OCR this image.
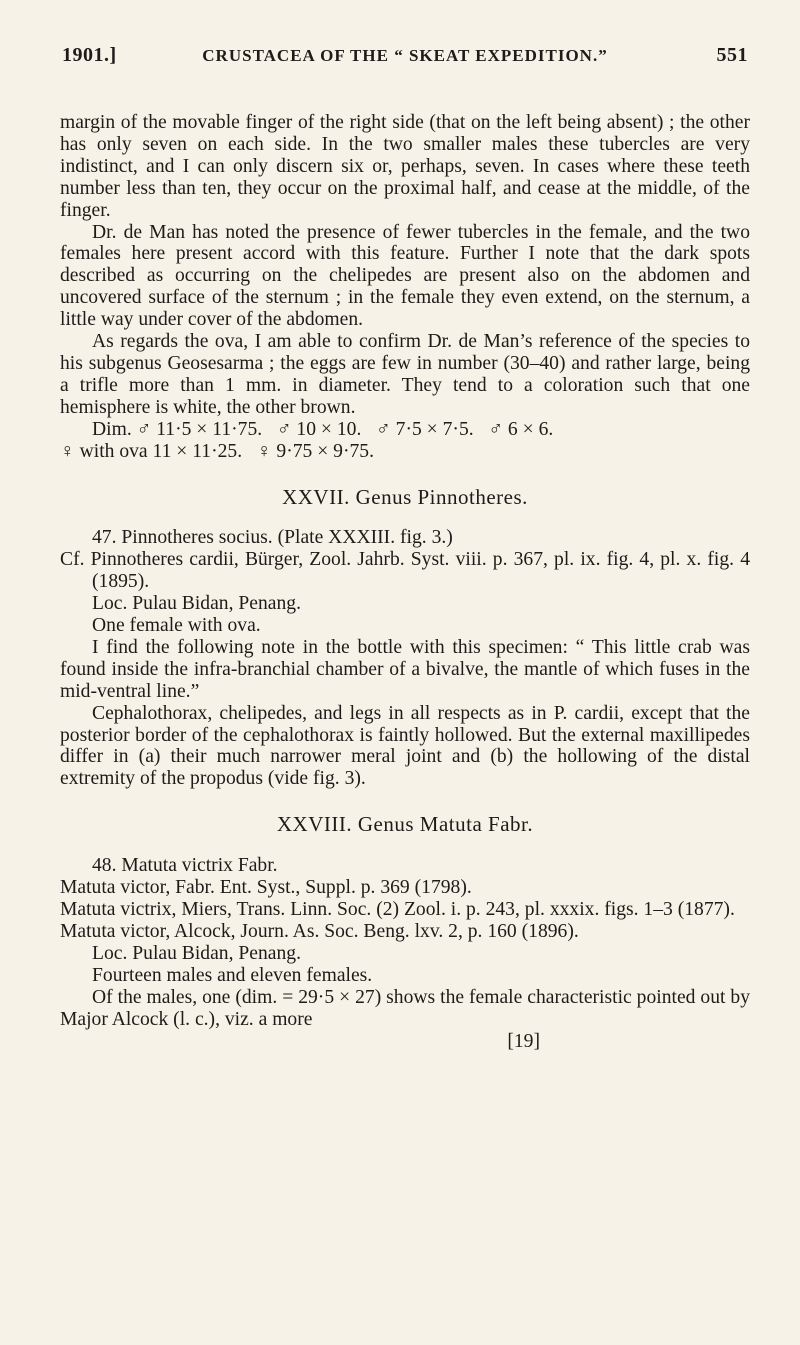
1901.]	CRUSTACEA OF THE “ SKEAT EXPEDITION.”	551

margin of the movable finger of the right side (that on the left being absent) ; the other has only seven on each side. In the two smaller males these tubercles are very indistinct, and I can only discern six or, perhaps, seven. In cases where these teeth number less than ten, they occur on the proximal half, and cease at the middle, of the finger.

Dr. de Man has noted the presence of fewer tubercles in the female, and the two females here present accord with this feature. Further I note that the dark spots described as occurring on the chelipedes are present also on the abdomen and uncovered surface of the sternum ; in the female they even extend, on the sternum, a little way under cover of the abdomen.

As regards the ova, I am able to confirm Dr. de Man’s reference of the species to his subgenus Geosesarma ; the eggs are few in number (30–40) and rather large, being a trifle more than 1 mm. in diameter. They tend to a coloration such that one hemisphere is white, the other brown.

Dim. ♂ 11·5 × 11·75.   ♂ 10 × 10.   ♂ 7·5 × 7·5.   ♂ 6 × 6.

♀ with ova 11 × 11·25.   ♀ 9·75 × 9·75.

XXVII. Genus Pinnotheres.

47. Pinnotheres socius. (Plate XXXIII. fig. 3.)

Cf. Pinnotheres cardii, Bürger, Zool. Jahrb. Syst. viii. p. 367, pl. ix. fig. 4, pl. x. fig. 4 (1895).

Loc. Pulau Bidan, Penang.

One female with ova.

I find the following note in the bottle with this specimen: “ This little crab was found inside the infra-branchial chamber of a bivalve, the mantle of which fuses in the mid-ventral line.”

Cephalothorax, chelipedes, and legs in all respects as in P. cardii, except that the posterior border of the cephalothorax is faintly hollowed. But the external maxillipedes differ in (a) their much narrower meral joint and (b) the hollowing of the distal extremity of the propodus (vide fig. 3).

XXVIII. Genus Matuta Fabr.

48. Matuta victrix Fabr.

Matuta victor, Fabr. Ent. Syst., Suppl. p. 369 (1798).

Matuta victrix, Miers, Trans. Linn. Soc. (2) Zool. i. p. 243, pl. xxxix. figs. 1–3 (1877).

Matuta victor, Alcock, Journ. As. Soc. Beng. lxv. 2, p. 160 (1896).

Loc. Pulau Bidan, Penang.

Fourteen males and eleven females.

Of the males, one (dim. = 29·5 × 27) shows the female characteristic pointed out by Major Alcock (l. c.), viz. a more

[19]
